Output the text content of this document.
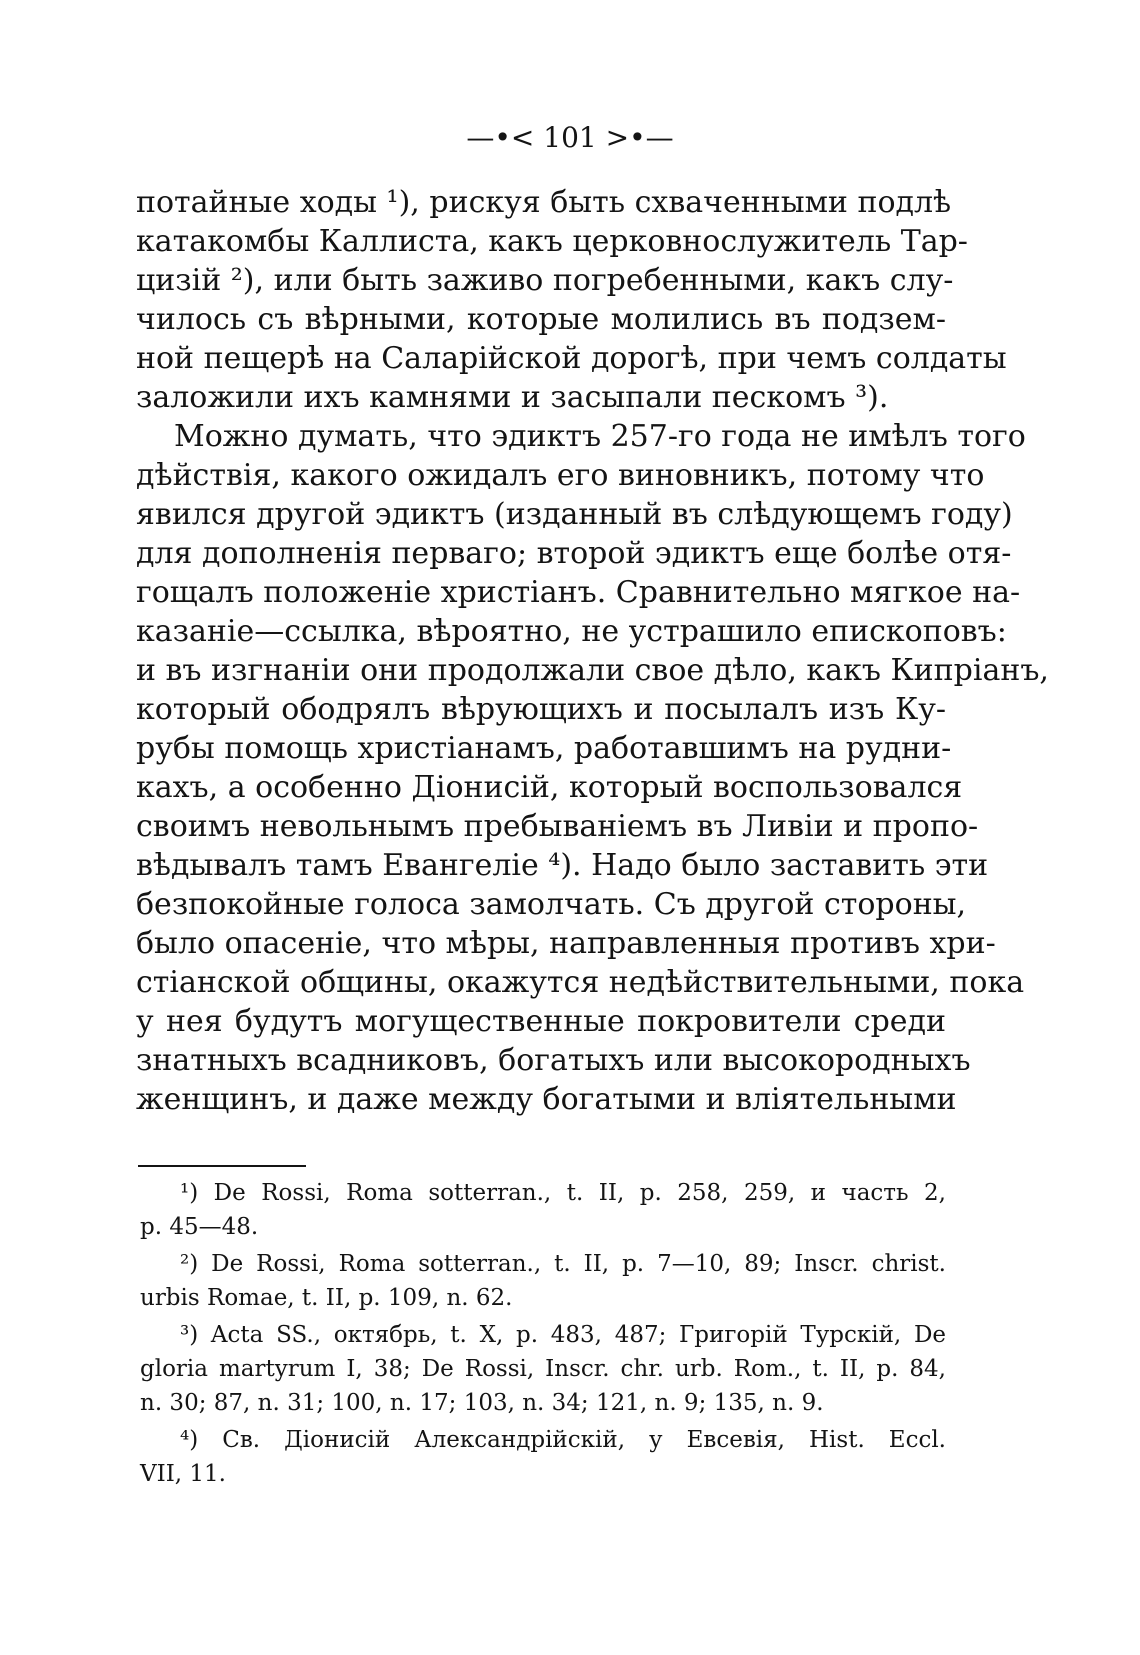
—•< 101 >•—
потайные ходы ¹), рискуя быть схваченными подлѣ
катакомбы Каллиста, какъ церковнослужитель Тар-
цизій ²), или быть заживо погребенными, какъ слу-
чилось съ вѣрными, которые молились въ подзем-
ной пещерѣ на Саларійской дорогѣ, при чемъ солдаты
заложили ихъ камнями и засыпали пескомъ ³).
Можно думать, что эдиктъ 257-го года не имѣлъ того
дѣйствія, какого ожидалъ его виновникъ, потому что
явился другой эдиктъ (изданный въ слѣдующемъ году)
для дополненія перваго; второй эдиктъ еще болѣе отя-
гощалъ положеніе христіанъ. Сравнительно мягкое на-
казаніе—ссылка, вѣроятно, не устрашило епископовъ:
и въ изгнаніи они продолжали свое дѣло, какъ Кипріанъ,
который ободрялъ вѣрующихъ и посылалъ изъ Ку-
рубы помощь христіанамъ, работавшимъ на рудни-
кахъ, а особенно Діонисій, который воспользовался
своимъ невольнымъ пребываніемъ въ Ливіи и пропо-
вѣдывалъ тамъ Евангеліе ⁴). Надо было заставить эти
безпокойные голоса замолчать. Съ другой стороны,
было опасеніе, что мѣры, направленныя противъ хри-
стіанской общины, окажутся недѣйствительными, пока
у нея будутъ могущественные покровители среди
знатныхъ всадниковъ, богатыхъ или высокородныхъ
женщинъ, и даже между богатыми и вліятельными
¹) De Rossi, Roma sotterran., t. II, p. 258, 259, и часть 2,
p. 45—48.
²) De Rossi, Roma sotterran., t. II, p. 7—10, 89; Inscr. christ.
urbis Romae, t. II, p. 109, n. 62.
³) Acta SS., октябрь, t. X, p. 483, 487; Григорій Турскій, De
gloria martyrum I, 38; De Rossi, Inscr. chr. urb. Rom., t. II, p. 84,
n. 30; 87, n. 31; 100, n. 17; 103, n. 34; 121, n. 9; 135, n. 9.
⁴) Св. Діонисій Александрійскій, у Евсевія, Hist. Eccl.
VII, 11.
